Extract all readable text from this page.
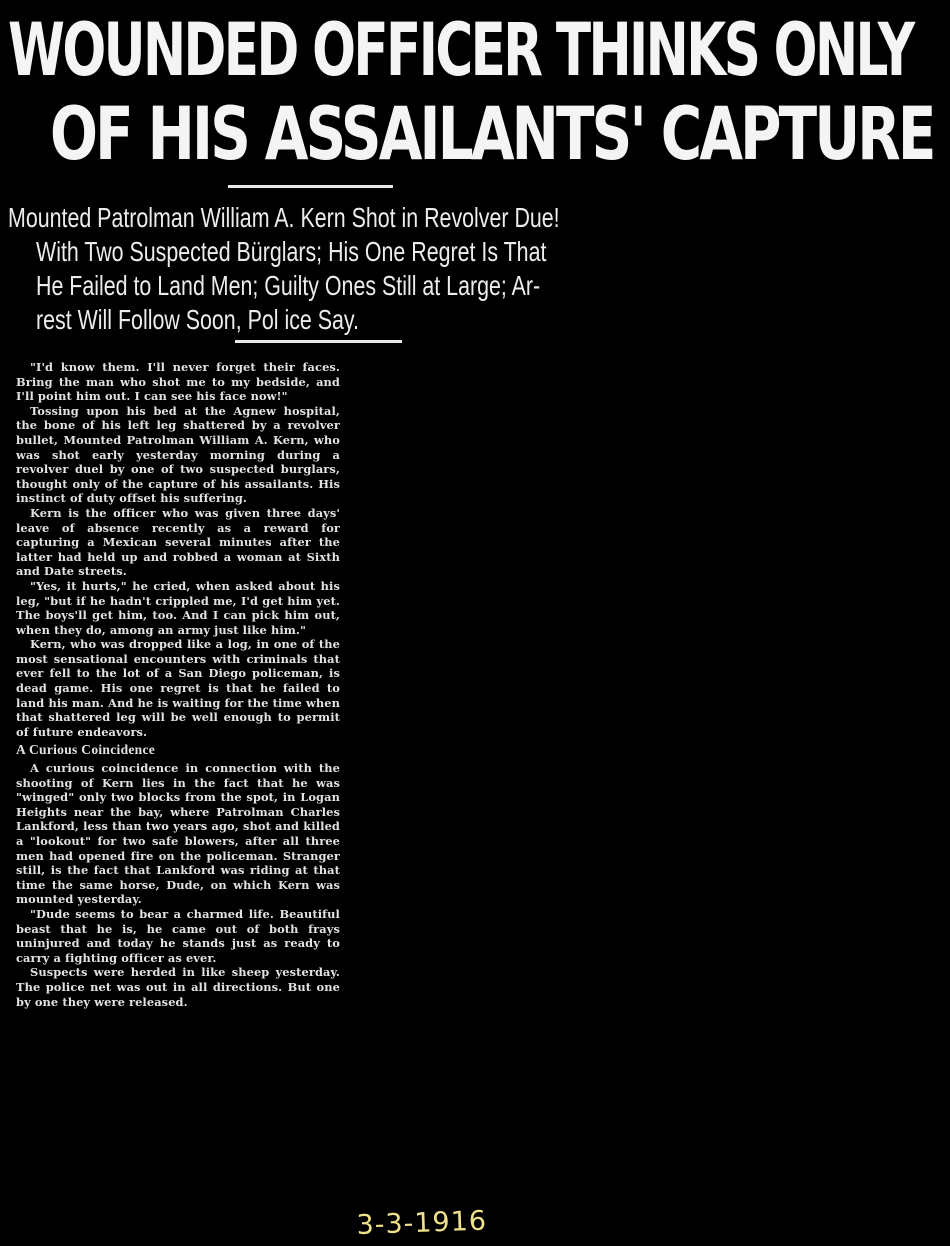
WOUNDED OFFICER THINKS ONLY
OF HIS ASSAILANTS' CAPTURE
Mounted Patrolman William A. Kern Shot in Revolver Due!
With Two Suspected Bürglars; His One Regret Is That
He Failed to Land Men; Guilty Ones Still at Large; Ar-
rest Will Follow Soon, Pol ice Say.

"I'd know them. I'll never forget their faces. Bring the man who shot me to my bedside, and I'll point him out. I can see his face now!"

Tossing upon his bed at the Agnew hospital, the bone of his left leg shattered by a revolver bullet, Mounted Patrolman William A. Kern, who was shot early yesterday morning during a revolver duel by one of two suspected burglars, thought only of the capture of his assailants. His instinct of duty offset his suffering.

Kern is the officer who was given three days' leave of absence recently as a reward for capturing a Mexican several minutes after the latter had held up and robbed a woman at Sixth and Date streets.

"Yes, it hurts," he cried, when asked about his leg, "but if he hadn't crippled me, I'd get him yet. The boys'll get him, too. And I can pick him out, when they do, among an army just like him."

Kern, who was dropped like a log, in one of the most sensational encounters with criminals that ever fell to the lot of a San Diego policeman, is dead game. His one regret is that he failed to land his man. And he is waiting for the time when that shattered leg will be well enough to permit of future endeavors.

A Curious Coincidence

A curious coincidence in connection with the shooting of Kern lies in the fact that he was "winged" only two blocks from the spot, in Logan Heights near the bay, where Patrolman Charles Lankford, less than two years ago, shot and killed a "lookout" for two safe blowers, after all three men had opened fire on the policeman. Stranger still, is the fact that Lankford was riding at that time the same horse, Dude, on which Kern was mounted yesterday.

"Dude seems to bear a charmed life. Beautiful beast that he is, he came out of both frays uninjured and today he stands just as ready to carry a fighting officer as ever.

Suspects were herded in like sheep yesterday. The police net was out in all directions. But one by one they were released.

3-3-1916
